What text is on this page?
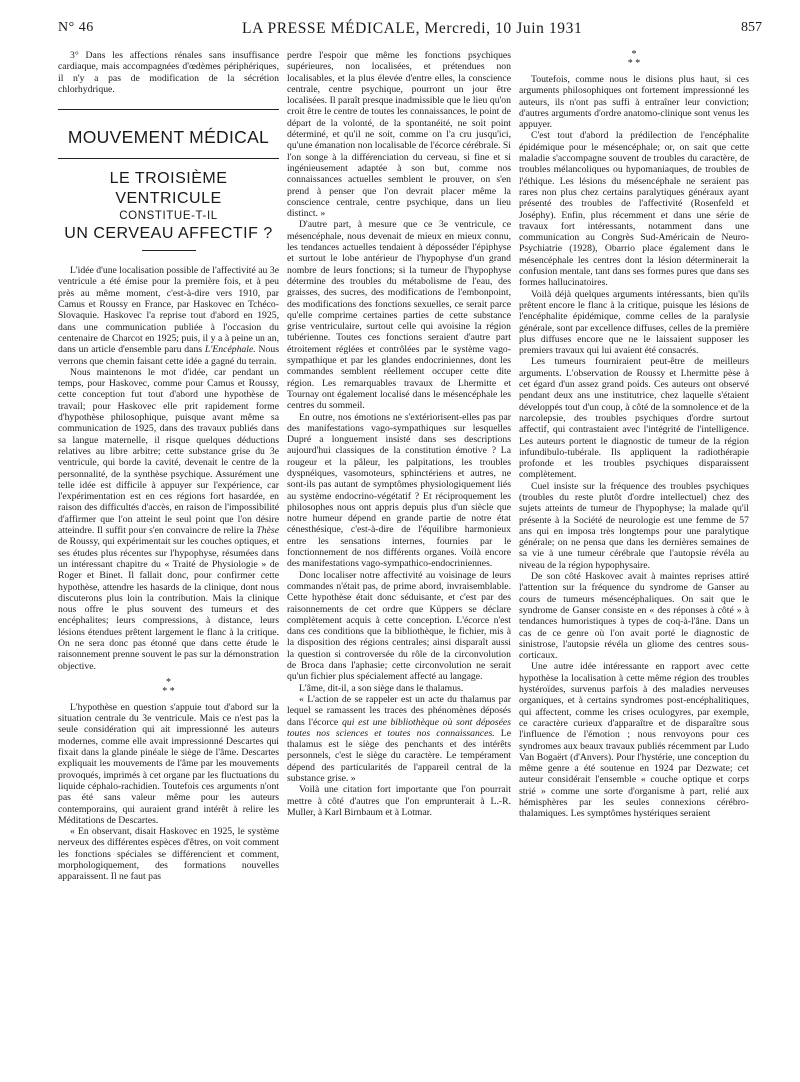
N° 46	LA PRESSE MÉDICALE, Mercredi, 10 Juin 1931	857

3° Dans les affections rénales sans insuffisance cardiaque, mais accompagnées d'œdèmes périphériques, il n'y a pas de modification de la sécrétion chlorhydrique.

MOUVEMENT MÉDICAL
LE TROISIÈME VENTRICULE
CONSTITUE-T-IL
UN CERVEAU AFFECTIF ?

L'idée d'une localisation possible de l'affectivité au 3e ventricule a été émise pour la première fois, et à peu près au même moment, c'est-à-dire vers 1910, par Camus et Roussy en France, par Haskovec en Tchéco-Slovaquie. Haskovec l'a reprise tout d'abord en 1925, dans une communication publiée à l'occasion du centenaire de Charcot en 1925; puis, il y a à peine un an, dans un article d'ensemble paru dans L'Encéphale. Nous verrons que chemin faisant cette idée a gagné du terrain.

Nous maintenons le mot d'idée, car pendant un temps, pour Haskovec, comme pour Camus et Roussy, cette conception fut tout d'abord une hypothèse de travail; pour Haskovec elle prit rapidement forme d'hypothèse philosophique, puisque avant même sa communication de 1925, dans des travaux publiés dans sa langue maternelle, il risque quelques déductions relatives au libre arbitre; cette substance grise du 3e ventricule, qui borde la cavité, devenait le centre de la personnalité, de la synthèse psychique. Assurément une telle idée est difficile à appuyer sur l'expérience, car l'expérimentation est en ces régions fort hasardée, en raison des difficultés d'accès, en raison de l'impossibilité d'affirmer que l'on atteint le seul point que l'on désire atteindre. Il suffit pour s'en convaincre de relire la Thèse de Roussy, qui expérimentait sur les couches optiques, et ses études plus récentes sur l'hypophyse, résumées dans un intéressant chapitre du « Traité de Physiologie » de Roger et Binet. Il fallait donc, pour confirmer cette hypothèse, attendre les hasards de la clinique, dont nous discuterons plus loin la contribution. Mais la clinique nous offre le plus souvent des tumeurs et des encéphalites; leurs compressions, à distance, leurs lésions étendues prêtent largement le flanc à la critique. On ne sera donc pas étonné que dans cette étude le raisonnement prenne souvent le pas sur la démonstration objective.

*
* *

L'hypothèse en question s'appuie tout d'abord sur la situation centrale du 3e ventricule. Mais ce n'est pas la seule considération qui ait impressionné les auteurs modernes, comme elle avait impressionné Descartes qui fixait dans la glande pinéale le siège de l'âme. Descartes expliquait les mouvements de l'âme par les mouvements provoqués, imprimés à cet organe par les fluctuations du liquide céphalo-rachidien. Toutefois ces arguments n'ont pas été sans valeur même pour les auteurs contemporains, qui auraient grand intérêt à relire les Méditations de Descartes.

« En observant, disait Haskovec en 1925, le système nerveux des différentes espèces d'êtres, on voit comment les fonctions spéciales se différencient et comment, morphologiquement, des formations nouvelles apparaissent. Il ne faut pas

perdre l'espoir que même les fonctions psychiques supérieures, non localisées, et prétendues non localisables, et la plus élevée d'entre elles, la conscience centrale, centre psychique, pourront un jour être localisées. Il paraît presque inadmissible que le lieu qu'on croit être le centre de toutes les connaissances, le point de départ de la volonté, de la spontanéité, ne soit point déterminé, et qu'il ne soit, comme on l'a cru jusqu'ici, qu'une émanation non localisable de l'écorce cérébrale. Si l'on songe à la différenciation du cerveau, si fine et si ingénieusement adaptée à son but, comme nos connaissances actuelles semblent le prouver, on s'en prend à penser que l'on devrait placer même la conscience centrale, centre psychique, dans un lieu distinct. »

D'autre part, à mesure que ce 3e ventricule, ce mésencéphale, nous devenait de mieux en mieux connu, les tendances actuelles tendaient à déposséder l'épiphyse et surtout le lobe antérieur de l'hypophyse d'un grand nombre de leurs fonctions; si la tumeur de l'hypophyse détermine des troubles du métabolisme de l'eau, des graisses, des sucres, des modifications de l'embonpoint, des modifications des fonctions sexuelles, ce serait parce qu'elle comprime certaines parties de cette substance grise ventriculaire, surtout celle qui avoisine la région tubérienne. Toutes ces fonctions seraient d'autre part étroitement réglées et contrôlées par le système vago-sympathique et par les glandes endocriniennes, dont les commandes semblent réellement occuper cette dite région. Les remarquables travaux de Lhermitte et Tournay ont également localisé dans le mésencéphale les centres du sommeil.

En outre, nos émotions ne s'extériorisent-elles pas par des manifestations vago-sympathiques sur lesquelles Dupré a longuement insisté dans ses descriptions aujourd'hui classiques de la constitution émotive ? La rougeur et la pâleur, les palpitations, les troubles dyspnéiques, vasomoteurs, sphinctériens et autres, ne sont-ils pas autant de symptômes physiologiquement liés au système endocrino-végétatif ? Et réciproquement les philosophes nous ont appris depuis plus d'un siècle que notre humeur dépend en grande partie de notre état cénesthésique, c'est-à-dire de l'équilibre harmonieux entre les sensations internes, fournies par le fonctionnement de nos différents organes. Voilà encore des manifestations vago-sympathico-endocriniennes.

Donc localiser notre affectivité au voisinage de leurs commandes n'était pas, de prime abord, invraisemblable. Cette hypothèse était donc séduisante, et c'est par des raisonnements de cet ordre que Küppers se déclare complètement acquis à cette conception. L'écorce n'est dans ces conditions que la bibliothèque, le fichier, mis à la disposition des régions centrales; ainsi disparaît aussi la question si controversée du rôle de la circonvolution de Broca dans l'aphasie; cette circonvolution ne serait qu'un fichier plus spécialement affecté au langage.

L'âme, dit-il, a son siège dans le thalamus.

« L'action de se rappeler est un acte du thalamus par lequel se ramassent les traces des phénomènes déposés dans l'écorce qui est une bibliothèque où sont déposées toutes nos sciences et toutes nos connaissances. Le thalamus est le siège des penchants et des intérêts personnels, c'est le siège du caractère. Le tempérament dépend des particularités de l'appareil central de la substance grise. »

Voilà une citation fort importante que l'on pourrait mettre à côté d'autres que l'on emprunterait à L.-R. Muller, à Karl Birnbaum et à Lotmar.

*
* *

Toutefois, comme nous le disions plus haut, si ces arguments philosophiques ont fortement impressionné les auteurs, ils n'ont pas suffi à entraîner leur conviction; d'autres arguments d'ordre anatomo-clinique sont venus les appuyer.

C'est tout d'abord la prédilection de l'encéphalite épidémique pour le mésencéphale; or, on sait que cette maladie s'accompagne souvent de troubles du caractère, de troubles mélancoliques ou hypomaniaques, de troubles de l'éthique. Les lésions du mésencéphale ne seraient pas rares non plus chez certains paralytiques généraux ayant présenté des troubles de l'affectivité (Rosenfeld et Joséphy). Enfin, plus récemment et dans une série de travaux fort intéressants, notamment dans une communication au Congrès Sud-Américain de Neuro-Psychiatrie (1928), Obarrio place également dans le mésencéphale les centres dont la lésion déterminerait la confusion mentale, tant dans ses formes pures que dans ses formes hallucinatoires.

Voilà déjà quelques arguments intéressants, bien qu'ils prêtent encore le flanc à la critique, puisque les lésions de l'encéphalite épidémique, comme celles de la paralysie générale, sont par excellence diffuses, celles de la première plus diffuses encore que ne le laissaient supposer les premiers travaux qui lui avaient été consacrés.

Les tumeurs fourniraient peut-être de meilleurs arguments. L'observation de Roussy et Lhermitte pèse à cet égard d'un assez grand poids. Ces auteurs ont observé pendant deux ans une institutrice, chez laquelle s'étaient développés tout d'un coup, à côté de la somnolence et de la narcolepsie, des troubles psychiques d'ordre surtout affectif, qui contrastaient avec l'intégrité de l'intelligence. Les auteurs portent le diagnostic de tumeur de la région infundibulo-tubérale. Ils appliquent la radiothérapie profonde et les troubles psychiques disparaissent complètement.

Cuel insiste sur la fréquence des troubles psychiques (troubles du reste plutôt d'ordre intellectuel) chez des sujets atteints de tumeur de l'hypophyse; la malade qu'il présente à la Société de neurologie est une femme de 57 ans qui en imposa très longtemps pour une paralytique générale; on ne pensa que dans les dernières semaines de sa vie à une tumeur cérébrale que l'autopsie révéla au niveau de la région hypophysaire.

De son côté Haskovec avait à maintes reprises attiré l'attention sur la fréquence du syndrome de Ganser au cours de tumeurs mésencéphaliques. On sait que le syndrome de Ganser consiste en « des réponses à côté » à tendances humoristiques à types de coq-à-l'âne. Dans un cas de ce genre où l'on avait porté le diagnostic de sinistrose, l'autopsie révéla un gliome des centres sous-corticaux.

Une autre idée intéressante en rapport avec cette hypothèse la localisation à cette même région des troubles hystéroïdes, survenus parfois à des maladies nerveuses organiques, et à certains syndromes post-encéphalitiques, qui affectent, comme les crises oculogyres, par exemple, ce caractère curieux d'apparaître et de disparaître sous l'influence de l'émotion ; nous renvoyons pour ces syndromes aux beaux travaux publiés récemment par Ludo Van Bogaërt (d'Anvers). Pour l'hystérie, une conception du même genre a été soutenue en 1924 par Dezwate; cet auteur considérait l'ensemble « couche optique et corps strié » comme une sorte d'organisme à part, relié aux hémisphères par les seules connexions cérébro-thalamiques. Les symptômes hystériques seraient
